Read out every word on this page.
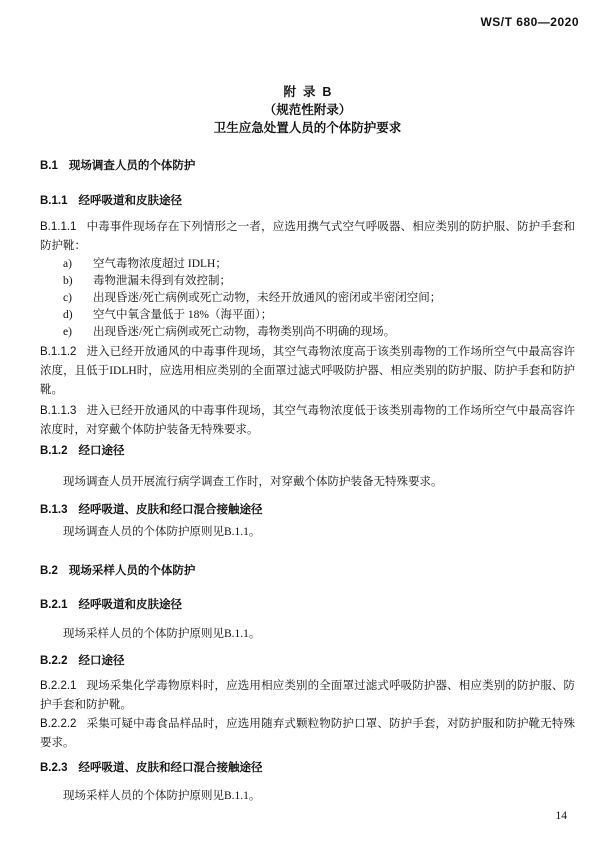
WS/T 680—2020
附  录  B
（规范性附录）
卫生应急处置人员的个体防护要求
B.1 现场调查人员的个体防护
B.1.1 经呼吸道和皮肤途径
B.1.1.1 中毒事件现场存在下列情形之一者，应选用携气式空气呼吸器、相应类别的防护服、防护手套和防护靴：
a)	空气毒物浓度超过 IDLH；
b)	毒物泄漏未得到有效控制；
c)	出现昏迷/死亡病例或死亡动物，未经开放通风的密闭或半密闭空间；
d)	空气中氧含量低于 18%（海平面）；
e)	出现昏迷/死亡病例或死亡动物，毒物类别尚不明确的现场。
B.1.1.2 进入已经开放通风的中毒事件现场，其空气毒物浓度高于该类别毒物的工作场所空气中最高容许浓度，且低于IDLH时，应选用相应类别的全面罩过滤式呼吸防护器、相应类别的防护服、防护手套和防护靴。
B.1.1.3 进入已经开放通风的中毒事件现场，其空气毒物浓度低于该类别毒物的工作场所空气中最高容许浓度时，对穿戴个体防护装备无特殊要求。
B.1.2 经口途径
现场调查人员开展流行病学调查工作时，对穿戴个体防护装备无特殊要求。
B.1.3 经呼吸道、皮肤和经口混合接触途径
现场调查人员的个体防护原则见B.1.1。
B.2 现场采样人员的个体防护
B.2.1 经呼吸道和皮肤途径
现场采样人员的个体防护原则见B.1.1。
B.2.2 经口途径
B.2.2.1 现场采集化学毒物原料时，应选用相应类别的全面罩过滤式呼吸防护器、相应类别的防护服、防护手套和防护靴。
B.2.2.2 采集可疑中毒食品样品时，应选用随弃式颗粒物防护口罩、防护手套，对防护服和防护靴无特殊要求。
B.2.3 经呼吸道、皮肤和经口混合接触途径
现场采样人员的个体防护原则见B.1.1。
14
